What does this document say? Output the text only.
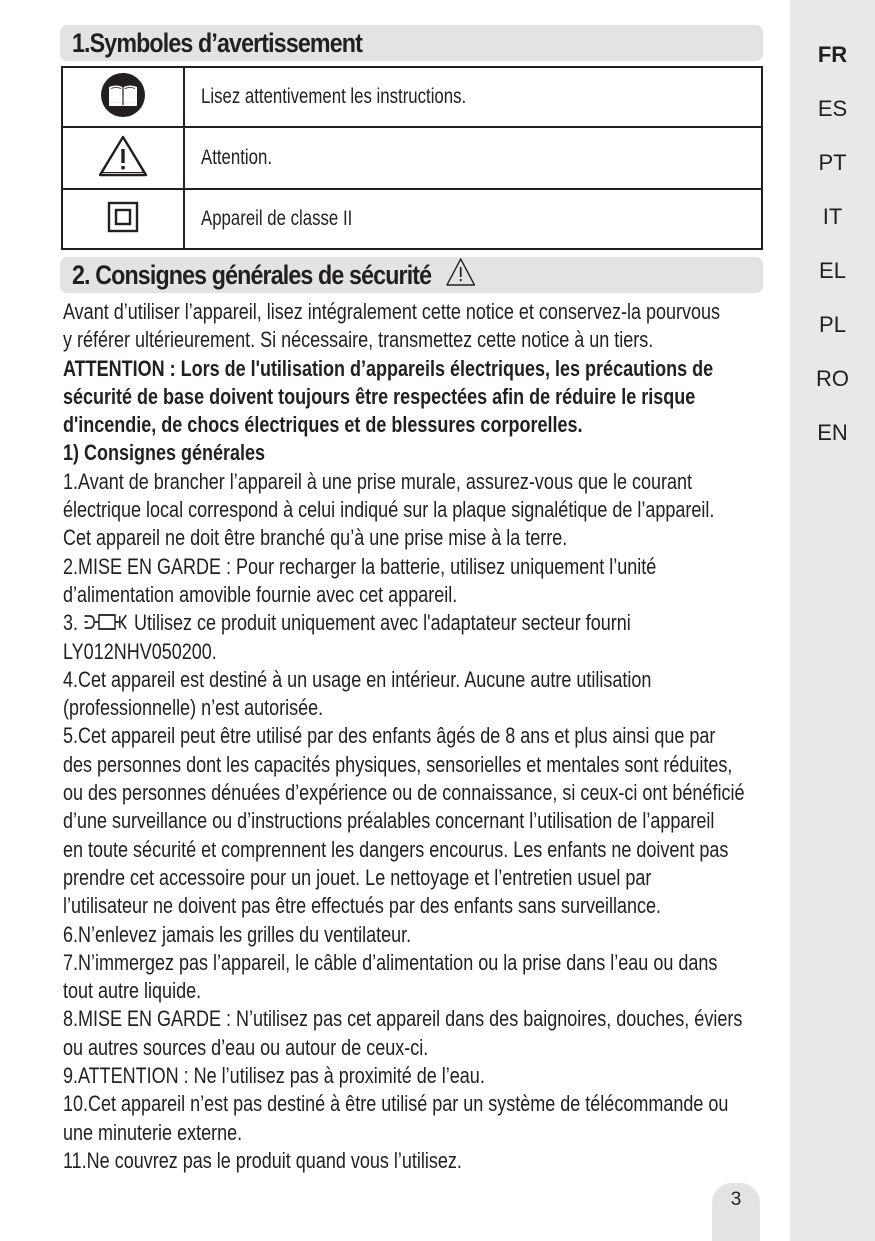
1.Symboles d’avertissement
	Lisez attentivement les instructions.
	Attention.
	Appareil de classe II
2. Consignes générales de sécurité
Avant d’utiliser l’appareil, lisez intégralement cette notice et conservez-la pourvous
y référer ultérieurement. Si nécessaire, transmettez cette notice à un tiers.
ATTENTION : Lors de l'utilisation d’appareils électriques, les précautions de
sécurité de base doivent toujours être respectées afin de réduire le risque
d'incendie, de chocs électriques et de blessures corporelles.
1) Consignes générales
1.Avant de brancher l’appareil à une prise murale, assurez-vous que le courant
électrique local correspond à celui indiqué sur la plaque signalétique de l’appareil.
Cet appareil ne doit être branché qu’à une prise mise à la terre.
2.MISE EN GARDE : Pour recharger la batterie, utilisez uniquement l’unité
d’alimentation amovible fournie avec cet appareil.
3. Utilisez ce produit uniquement avec l'adaptateur secteur fourni
LY012NHV050200.
4.Cet appareil est destiné à un usage en intérieur. Aucune autre utilisation
(professionnelle) n’est autorisée.
5.Cet appareil peut être utilisé par des enfants âgés de 8 ans et plus ainsi que par
des personnes dont les capacités physiques, sensorielles et mentales sont réduites,
ou des personnes dénuées d’expérience ou de connaissance, si ceux-ci ont bénéficié
d’une surveillance ou d’instructions préalables concernant l’utilisation de l’appareil
en toute sécurité et comprennent les dangers encourus. Les enfants ne doivent pas
prendre cet accessoire pour un jouet. Le nettoyage et l’entretien usuel par
l’utilisateur ne doivent pas être effectués par des enfants sans surveillance.
6.N’enlevez jamais les grilles du ventilateur.
7.N’immergez pas l’appareil, le câble d’alimentation ou la prise dans l’eau ou dans
tout autre liquide.
8.MISE EN GARDE : N’utilisez pas cet appareil dans des baignoires, douches, éviers
ou autres sources d’eau ou autour de ceux-ci.
9.ATTENTION : Ne l’utilisez pas à proximité de l’eau.
10.Cet appareil n’est pas destiné à être utilisé par un système de télécommande ou
une minuterie externe.
11.Ne couvrez pas le produit quand vous l’utilisez.
3
FR
ES
PT
IT
EL
PL
RO
EN
